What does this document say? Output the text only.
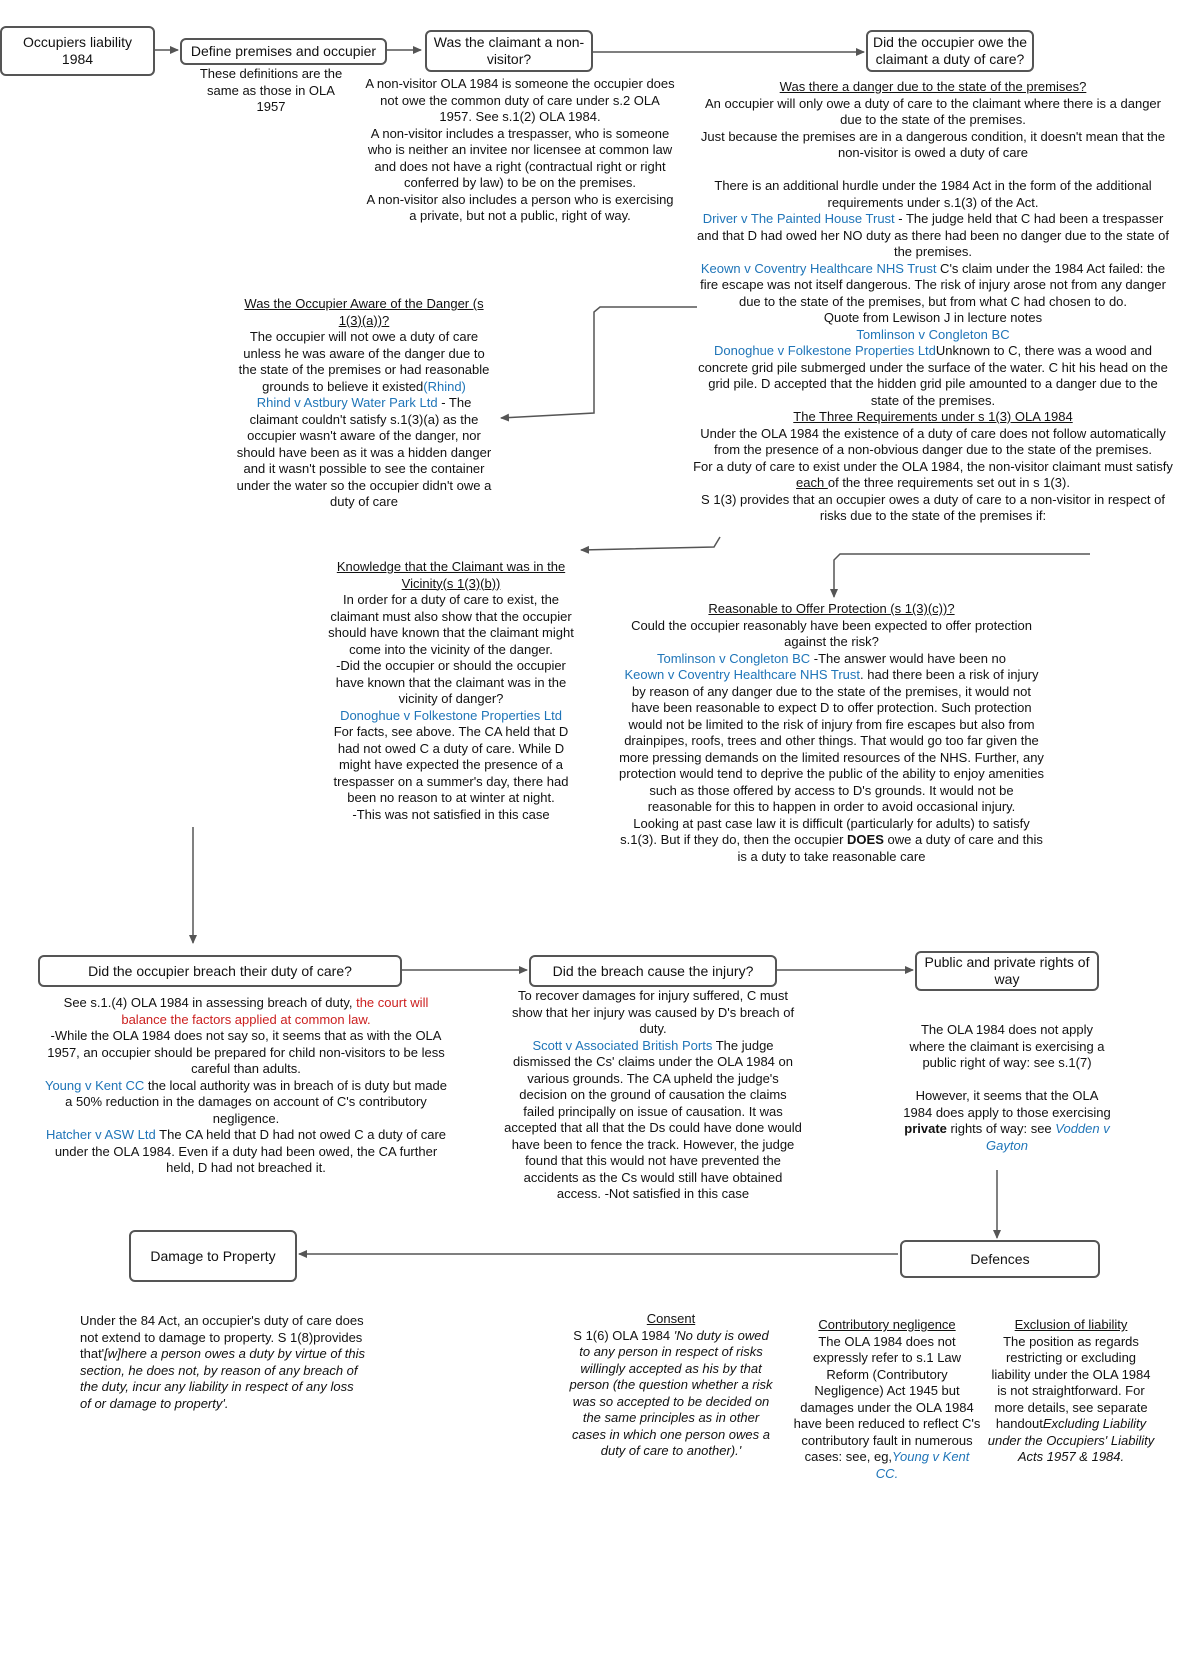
Occupiers liability 1984	Define premises and occupier
Was the claimant a non-visitor?
Did the occupier owe the claimant a duty of care?

These definitions are the same as those in OLA 1957

A non-visitor OLA 1984 is someone the occupier does not owe the common duty of care under s.2 OLA 1957. See s.1(2) OLA 1984.

A non-visitor includes a trespasser, who is someone who is neither an invitee nor licensee at common law and does not have a right (contractual right or right conferred by law) to be on the premises.

A non-visitor also includes a person who is exercising a private, but not a public, right of way.

Was there a danger due to the state of the premises?

An occupier will only owe a duty of care to the claimant where there is a danger due to the state of the premises.

Just because the premises are in a dangerous condition, it doesn't mean that the non-visitor is owed a duty of care

There is an additional hurdle under the 1984 Act in the form of the additional requirements under s.1(3) of the Act.

Driver v The Painted House Trust - The judge held that C had been a trespasser and that D had owed her NO duty as there had been no danger due to the state of the premises.

Keown v Coventry Healthcare NHS Trust C's claim under the 1984 Act failed: the fire escape was not itself dangerous. The risk of injury arose not from any danger due to the state of the premises, but from what C had chosen to do.

Quote from Lewison J in lecture notes

Tomlinson v Congleton BC

Donoghue v Folkestone Properties LtdUnknown to C, there was a wood and concrete grid pile submerged under the surface of the water. C hit his head on the grid pile. D accepted that the hidden grid pile amounted to a danger due to the state of the premises.

The Three Requirements under s 1(3) OLA 1984

Under the OLA 1984 the existence of a duty of care does not follow automatically from the presence of a non-obvious danger due to the state of the premises.

For a duty of care to exist under the OLA 1984, the non-visitor claimant must satisfy each of the three requirements set out in s 1(3).

S 1(3) provides that an occupier owes a duty of care to a non-visitor in respect of risks due to the state of the premises if:

Was the Occupier Aware of the Danger (s 1(3)(a))?

The occupier will not owe a duty of care unless he was aware of the danger due to the state of the premises or had reasonable grounds to believe it existed(Rhind)

Rhind v Astbury Water Park Ltd - The claimant couldn't satisfy s.1(3)(a) as the occupier wasn't aware of the danger, nor should have been as it was a hidden danger and it wasn't possible to see the container under the water so the occupier didn't owe a duty of care

Knowledge that the Claimant was in the Vicinity(s 1(3)(b))

In order for a duty of care to exist, the claimant must also show that the occupier should have known that the claimant might come into the vicinity of the danger.

-Did the occupier or should the occupier have known that the claimant was in the vicinity of danger?

Donoghue v Folkestone Properties Ltd

For facts, see above. The CA held that D had not owed C a duty of care. While D might have expected the presence of a trespasser on a summer's day, there had been no reason to at winter at night.

-This was not satisfied in this case

Reasonable to Offer Protection (s 1(3)(c))?

Could the occupier reasonably have been expected to offer protection against the risk?

Tomlinson v Congleton BC -The answer would have been no

Keown v Coventry Healthcare NHS Trust. had there been a risk of injury by reason of any danger due to the state of the premises, it would not have been reasonable to expect D to offer protection. Such protection would not be limited to the risk of injury from fire escapes but also from drainpipes, roofs, trees and other things. That would go too far given the more pressing demands on the limited resources of the NHS. Further, any protection would tend to deprive the public of the ability to enjoy amenities such as those offered by access to D's grounds. It would not be reasonable for this to happen in order to avoid occasional injury.

Looking at past case law it is difficult (particularly for adults) to satisfy s.1(3). But if they do, then the occupier DOES owe a duty of care and this is a duty to take reasonable care

Did the occupier breach their duty of care?	Did the breach cause the injury?
Public and private rights of way

See s.1.(4) OLA 1984 in assessing breach of duty, the court will balance the factors applied at common law.

-While the OLA 1984 does not say so, it seems that as with the OLA 1957, an occupier should be prepared for child non-visitors to be less careful than adults.

Young v Kent CC the local authority was in breach of is duty but made a 50% reduction in the damages on account of C's contributory negligence.

Hatcher v ASW Ltd The CA held that D had not owed C a duty of care under the OLA 1984. Even if a duty had been owed, the CA further held, D had not breached it.

To recover damages for injury suffered, C must show that her injury was caused by D's breach of duty.

Scott v Associated British Ports The judge dismissed the Cs' claims under the OLA 1984 on various grounds. The CA upheld the judge's decision on the ground of causation the claims failed principally on issue of causation. It was accepted that all that the Ds could have done would have been to fence the track. However, the judge found that this would not have prevented the accidents as the Cs would still have obtained access. -Not satisfied in this case

The OLA 1984 does not apply where the claimant is exercising a public right of way: see s.1(7)

However, it seems that the OLA 1984 does apply to those exercising private rights of way: see Vodden v Gayton

Damage to Property	Defences

Under the 84 Act, an occupier's duty of care does not extend to damage to property. S 1(8)provides that'[w]here a person owes a duty by virtue of this section, he does not, by reason of any breach of the duty, incur any liability in respect of any loss of or damage to property'.

Consent

S 1(6) OLA 1984 'No duty is owed to any person in respect of risks willingly accepted as his by that person (the question whether a risk was so accepted to be decided on the same principles as in other cases in which one person owes a duty of care to another).'

Contributory negligence

The OLA 1984 does not expressly refer to s.1 Law Reform (Contributory Negligence) Act 1945 but damages under the OLA 1984 have been reduced to reflect C's contributory fault in numerous cases: see, eg,Young v Kent CC.

Exclusion of liability

The position as regards restricting or excluding liability under the OLA 1984 is not straightforward. For more details, see separate handoutExcluding Liability under the Occupiers' Liability Acts 1957 & 1984.
